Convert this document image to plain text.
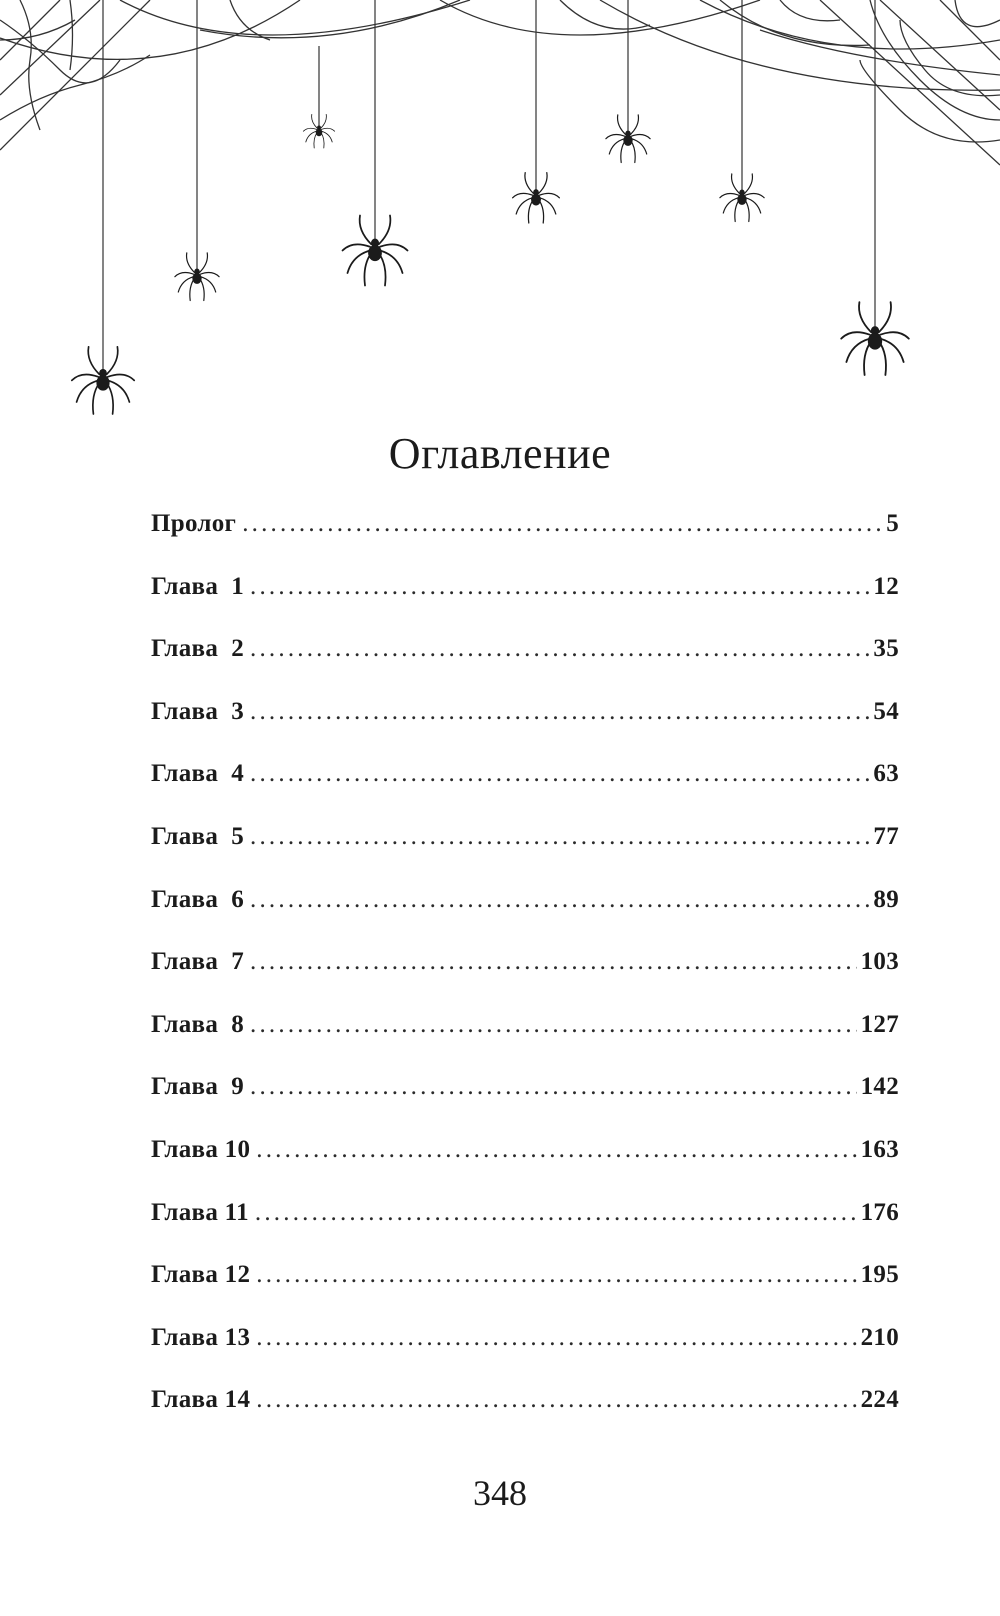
Оглавление
Пролог .....	5
Глава  1 .....	12
Глава  2 .....	35
Глава  3 .....	54
Глава  4 .....	63
Глава  5 .....	77
Глава  6 .....	89
Глава  7 .....	103
Глава  8 .....	127
Глава  9 .....	142
Глава 10 .....	163
Глава 11 .....	176
Глава 12 .....	195
Глава 13 .....	210
Глава 14 .....	224
348
